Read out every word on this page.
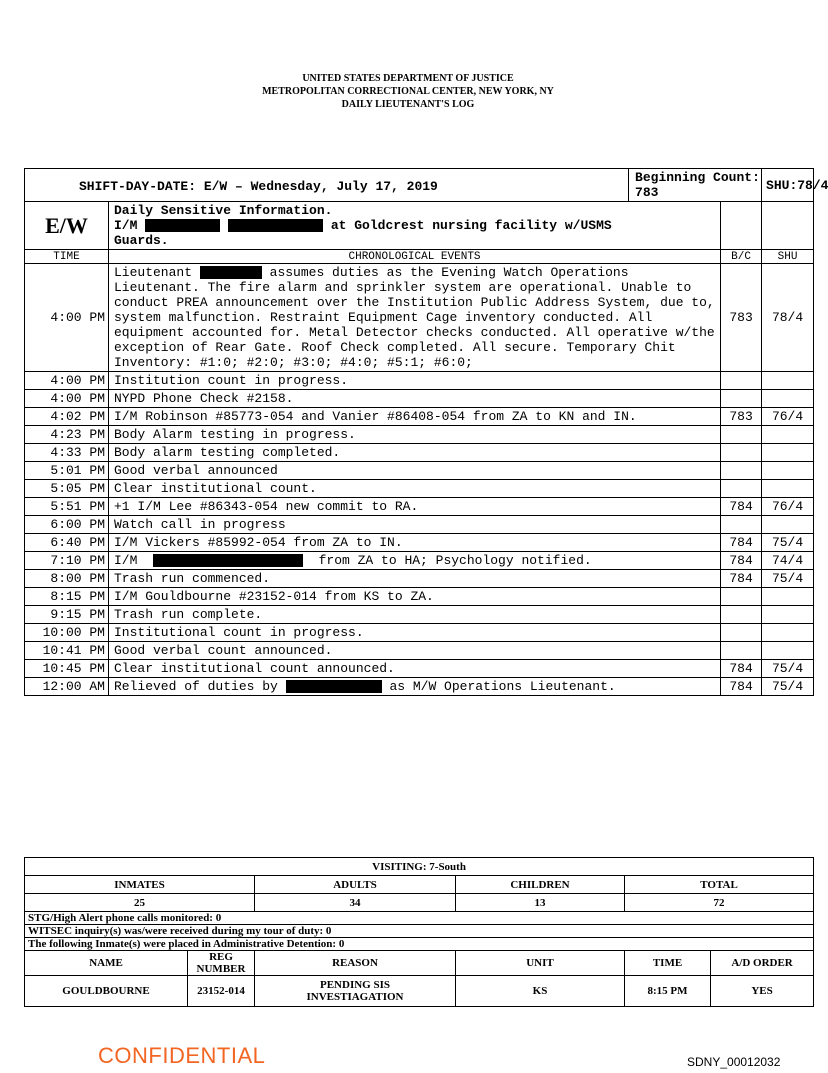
UNITED STATES DEPARTMENT OF JUSTICE
METROPOLITAN CORRECTIONAL CENTER, NEW YORK, NY
DAILY LIEUTENANT'S LOG
SHIFT-DAY-DATE: E/W – Wednesday, July 17, 2019		Beginning Count: 783		SHU:78/4
E/W	Daily Sensitive Information.
I/M at Goldcrest nursing facility w/USMS
Guards.			

TIME	CHRONOLOGICAL EVENTS		B/C	SHU
4:00 PM	Lieutenant assumes duties as the Evening Watch Operations Lieutenant. The fire alarm and sprinkler system are operational. Unable to conduct PREA announcement over the Institution Public Address System, due to, system malfunction. Restraint Equipment Cage inventory conducted. All equipment accounted for. Metal Detector checks conducted. All operative w/the exception of Rear Gate. Roof Check completed. All secure. Temporary Chit Inventory: #1:0; #2:0; #3:0; #4:0; #5:1; #6:0;		783	78/4
4:00 PM	Institution count in progress.			
4:00 PM	NYPD Phone Check #2158.			
4:02 PM	I/M Robinson #85773-054 and Vanier #86408-054 from ZA to KN and IN.		783	76/4
4:23 PM	Body Alarm testing in progress.			
4:33 PM	Body alarm testing completed.			
5:01 PM	Good verbal announced			
5:05 PM	Clear institutional count.			
5:51 PM	+1 I/M Lee #86343-054 new commit to RA.		784	76/4
6:00 PM	Watch call in progress			
6:40 PM	I/M Vickers #85992-054 from ZA to IN.		784	75/4
7:10 PM	I/M from ZA to HA; Psychology notified.		784	74/4
8:00 PM	Trash run commenced.		784	75/4
8:15 PM	I/M Gouldbourne #23152-014 from KS to ZA.			
9:15 PM	Trash run complete.			
10:00 PM	Institutional count in progress.			
10:41 PM	Good verbal count announced.			
10:45 PM	Clear institutional count announced.		784	75/4
12:00 AM	Relieved of duties by as M/W Operations Lieutenant.		784	75/4
VISITING: 7-South					
INMATES		ADULTS	CHILDREN	TOTAL	
25		34	13	72	
STG/High Alert phone calls monitored: 0					
WITSEC inquiry(s) was/were received during my tour of duty: 0					
The following Inmate(s) were placed in Administrative Detention: 0					
NAME	REG NUMBER	REASON	UNIT	TIME	A/D ORDER
GOULDBOURNE	23152-014	PENDING SIS INVESTIAGATION	KS	8:15 PM	YES
CONFIDENTIAL	SDNY_00012032
